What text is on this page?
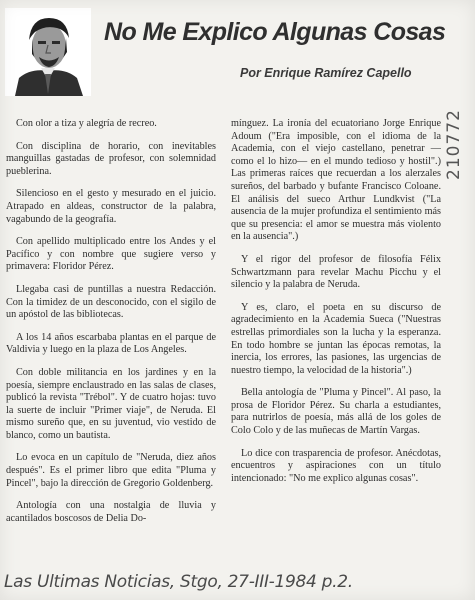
No Me Explico Algunas Cosas
Por Enrique Ramírez Capello

Con olor a tiza y alegría de recreo.

Con disciplina de horario, con inevitables manguillas gastadas de profesor, con solemnidad pueblerina.

Silencioso en el gesto y mesurado en el juicio. Atrapado en aldeas, constructor de la palabra, vagabundo de la geografía.

Con apellido multiplicado entre los Andes y el Pacífico y con nombre que sugiere verso y primavera: Floridor Pérez.

Llegaba casi de puntillas a nuestra Redacción. Con la timidez de un desconocido, con el sigilo de un apóstol de las bibliotecas.

A los 14 años escarbaba plantas en el parque de Valdivia y luego en la plaza de Los Angeles.

Con doble militancia en los jardines y en la poesía, siempre enclaustrado en las salas de clases, publicó la revista "Trébol". Y de cuatro hojas: tuvo la suerte de incluir "Primer viaje", de Neruda. El mismo sureño que, en su juventud, vio vestido de blanco, como un bautista.

Lo evoca en un capítulo de "Neruda, diez años después". Es el primer libro que edita "Pluma y Pincel", bajo la dirección de Gregorio Goldenberg.

Antología con una nostalgia de lluvia y acantilados boscosos de Delia Do-

mínguez. La ironía del ecuatoriano Jorge Enrique Adoum ("Era imposible, con el idioma de la Academia, con el viejo castellano, penetrar —como el lo hizo— en el mundo tedioso y hostil".) Las primeras raíces que recuerdan a los alerzales sureños, del barbado y bufante Francisco Coloane. El análisis del sueco Arthur Lundkvist ("La ausencia de la mujer profundiza el sentimiento más que su presencia: el amor se muestra más violento en la ausencia".)

Y el rigor del profesor de filosofía Félix Schwartzmann para revelar Machu Picchu y el silencio y la palabra de Neruda.

Y es, claro, el poeta en su discurso de agradecimiento en la Academia Sueca ("Nuestras estrellas primordiales son la lucha y la esperanza. En todo hombre se juntan las épocas remotas, la inercia, los errores, las pasiones, las urgencias de nuestro tiempo, la velocidad de la historia".)

Bella antología de "Pluma y Pincel". Al paso, la prosa de Floridor Pérez. Su charla a estudiantes, para nutrirlos de poesía, más allá de los goles de Colo Colo y de las muñecas de Martín Vargas.

Lo dice con trasparencia de profesor. Anécdotas, encuentros y aspiraciones con un título intencionado: "No me explico algunas cosas".

210772
Las Ultimas Noticias, Stgo, 27-III-1984 p.2.
